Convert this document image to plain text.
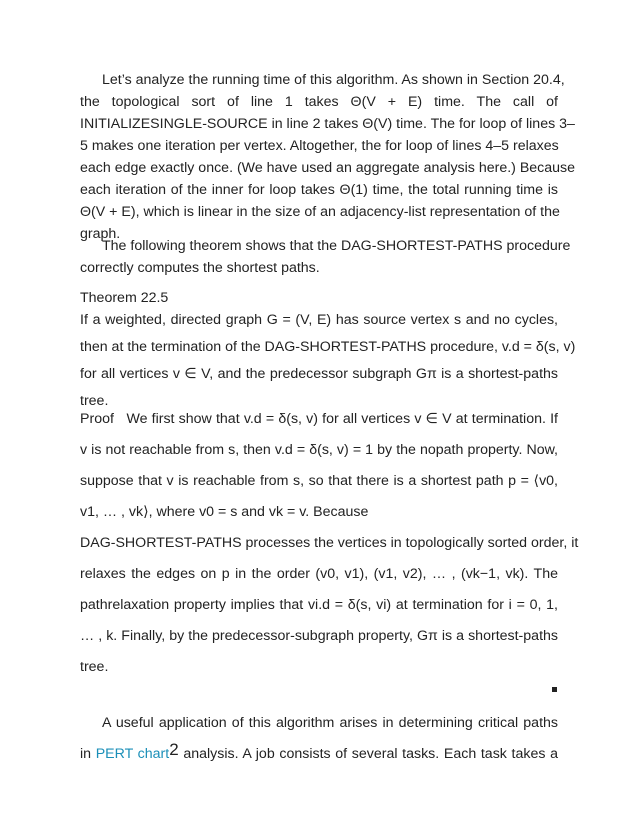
Let’s analyze the running time of this algorithm. As shown in Section 20.4,
the topological sort of line 1 takes Θ(V + E) time. The call of
INITIALIZESINGLE-SOURCE in line 2 takes Θ(V) time. The for loop of lines 3–
5 makes one iteration per vertex. Altogether, the for loop of lines 4–5 relaxes
each edge exactly once. (We have used an aggregate analysis here.) Because
each iteration of the inner for loop takes Θ(1) time, the total running time is
Θ(V + E), which is linear in the size of an adjacency-list representation of the
graph.
The following theorem shows that the DAG-SHORTEST-PATHS procedure
correctly computes the shortest paths.
Theorem 22.5
If a weighted, directed graph G = (V, E) has source vertex s and no cycles,
then at the termination of the DAG-SHORTEST-PATHS procedure, v.d = δ(s, v)
for all vertices v ∈ V, and the predecessor subgraph Gπ is a shortest-paths
tree.
Proof   We first show that v.d = δ(s, v) for all vertices v ∈ V at termination. If
v is not reachable from s, then v.d = δ(s, v) = 1 by the nopath property. Now,
suppose that v is reachable from s, so that there is a shortest path p = ⟨v0,
v1, … , vk⟩, where v0 = s and vk = v. Because
DAG-SHORTEST-PATHS processes the vertices in topologically sorted order, it
relaxes the edges on p in the order (v0, v1), (v1, v2), … , (vk−1, vk). The
pathrelaxation property implies that vi.d = δ(s, vi) at termination for i = 0, 1,
… , k. Finally, by the predecessor-subgraph property, Gπ is a shortest-paths
tree.
A useful application of this algorithm arises in determining critical paths
in PERT chart$^2$ analysis. A job consists of several tasks. Each task takes a
